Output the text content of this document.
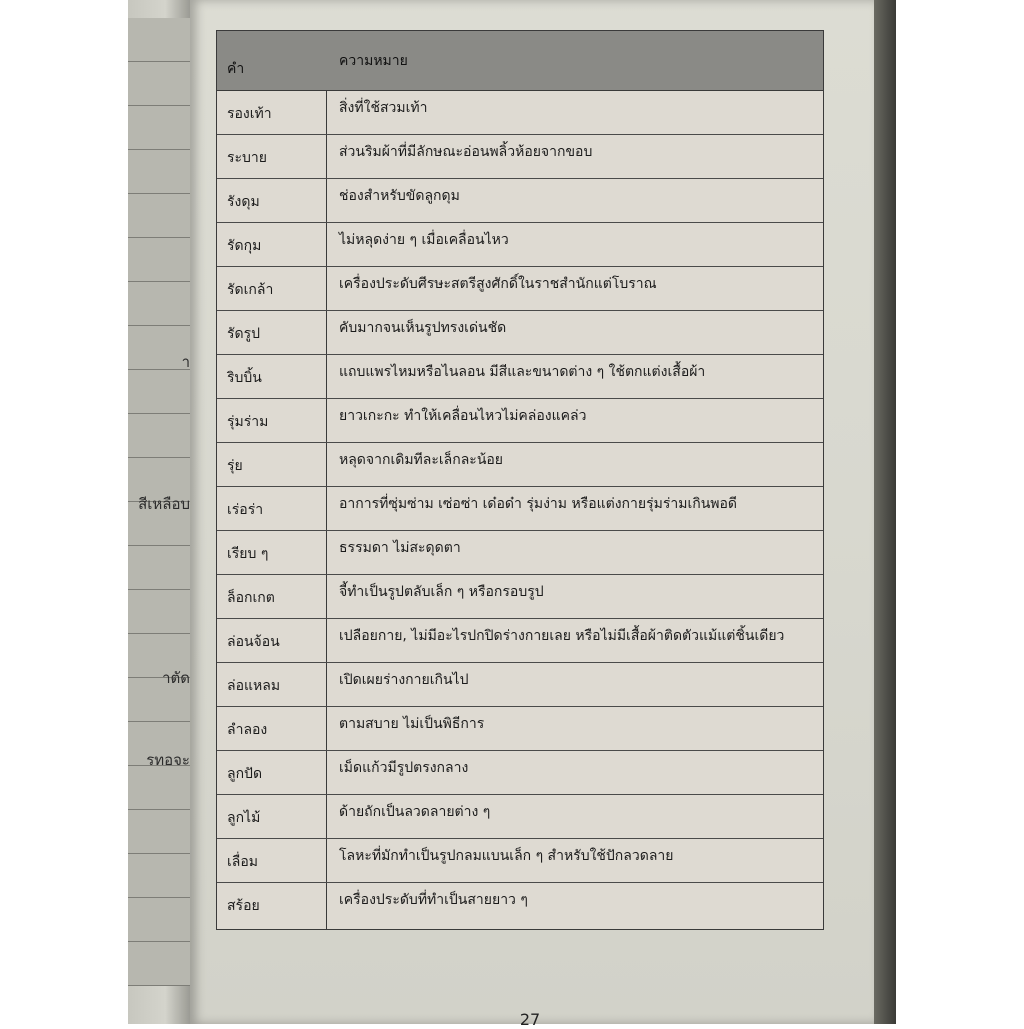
า
สีเหลือบ
าตัด
รทอจะ
คำ	ความหมาย
รองเท้า	สิ่งที่ใช้สวมเท้า
ระบาย	ส่วนริมผ้าที่มีลักษณะอ่อนพลิ้วห้อยจากขอบ
รังดุม	ช่องสำหรับขัดลูกดุม
รัดกุม	ไม่หลุดง่าย ๆ เมื่อเคลื่อนไหว
รัดเกล้า	เครื่องประดับศีรษะสตรีสูงศักดิ์ในราชสำนักแต่โบราณ
รัดรูป	คับมากจนเห็นรูปทรงเด่นชัด
ริบบิ้น	แถบแพรไหมหรือไนลอน มีสีและขนาดต่าง ๆ ใช้ตกแต่งเสื้อผ้า
รุ่มร่าม	ยาวเกะกะ ทำให้เคลื่อนไหวไม่คล่องแคล่ว
รุ่ย	หลุดจากเดิมทีละเล็กละน้อย
เร่อร่า	อาการที่ซุ่มซ่าม เซ่อซ่า เด๋อด๋า รุ่มง่าม หรือแต่งกายรุ่มร่ามเกินพอดี
เรียบ ๆ	ธรรมดา ไม่สะดุดตา
ล็อกเกต	จี้ทำเป็นรูปตลับเล็ก ๆ หรือกรอบรูป
ล่อนจ้อน	เปลือยกาย, ไม่มีอะไรปกปิดร่างกายเลย หรือไม่มีเสื้อผ้าติดตัวแม้แต่ชิ้นเดียว
ล่อแหลม	เปิดเผยร่างกายเกินไป
ลำลอง	ตามสบาย ไม่เป็นพิธีการ
ลูกปัด	เม็ดแก้วมีรูปตรงกลาง
ลูกไม้	ด้ายถักเป็นลวดลายต่าง ๆ
เลื่อม	โลหะที่มักทำเป็นรูปกลมแบนเล็ก ๆ สำหรับใช้ปักลวดลาย
สร้อย	เครื่องประดับที่ทำเป็นสายยาว ๆ
27
